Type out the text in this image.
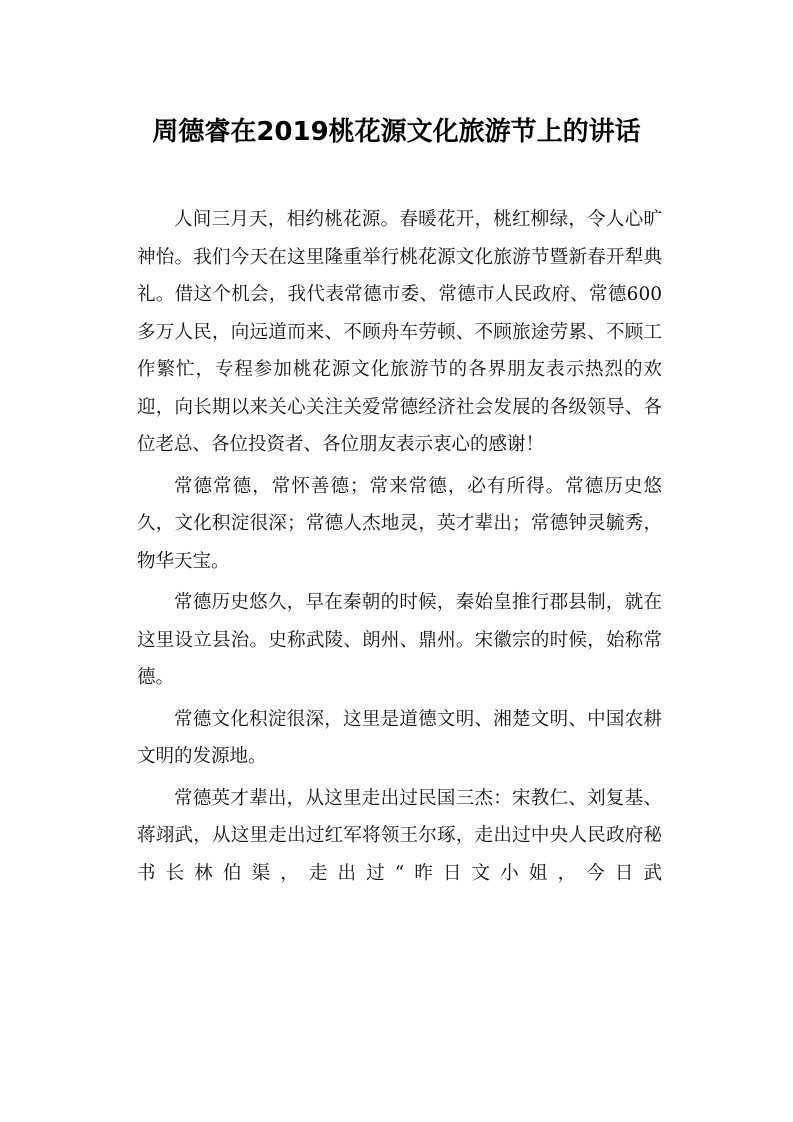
周德睿在2019桃花源文化旅游节上的讲话

人间三月天，相约桃花源。春暖花开，桃红柳绿，令人心旷神怡。我们今天在这里隆重举行桃花源文化旅游节暨新春开犁典礼。借这个机会，我代表常德市委、常德市人民政府、常德600多万人民，向远道而来、不顾舟车劳顿、不顾旅途劳累、不顾工作繁忙，专程参加桃花源文化旅游节的各界朋友表示热烈的欢迎，向长期以来关心关注关爱常德经济社会发展的各级领导、各位老总、各位投资者、各位朋友表示衷心的感谢！

常德常德，常怀善德；常来常德，必有所得。常德历史悠久，文化积淀很深；常德人杰地灵，英才辈出；常德钟灵毓秀，物华天宝。

常德历史悠久，早在秦朝的时候，秦始皇推行郡县制，就在这里设立县治。史称武陵、朗州、鼎州。宋徽宗的时候，始称常德。

常德文化积淀很深，这里是道德文明、湘楚文明、中国农耕文明的发源地。

常德英才辈出，从这里走出过民国三杰：宋教仁、刘复基、蒋翊武，从这里走出过红军将领王尔琢，走出过中央人民政府秘书长林伯渠，走出过“昨日文小姐，今日武
